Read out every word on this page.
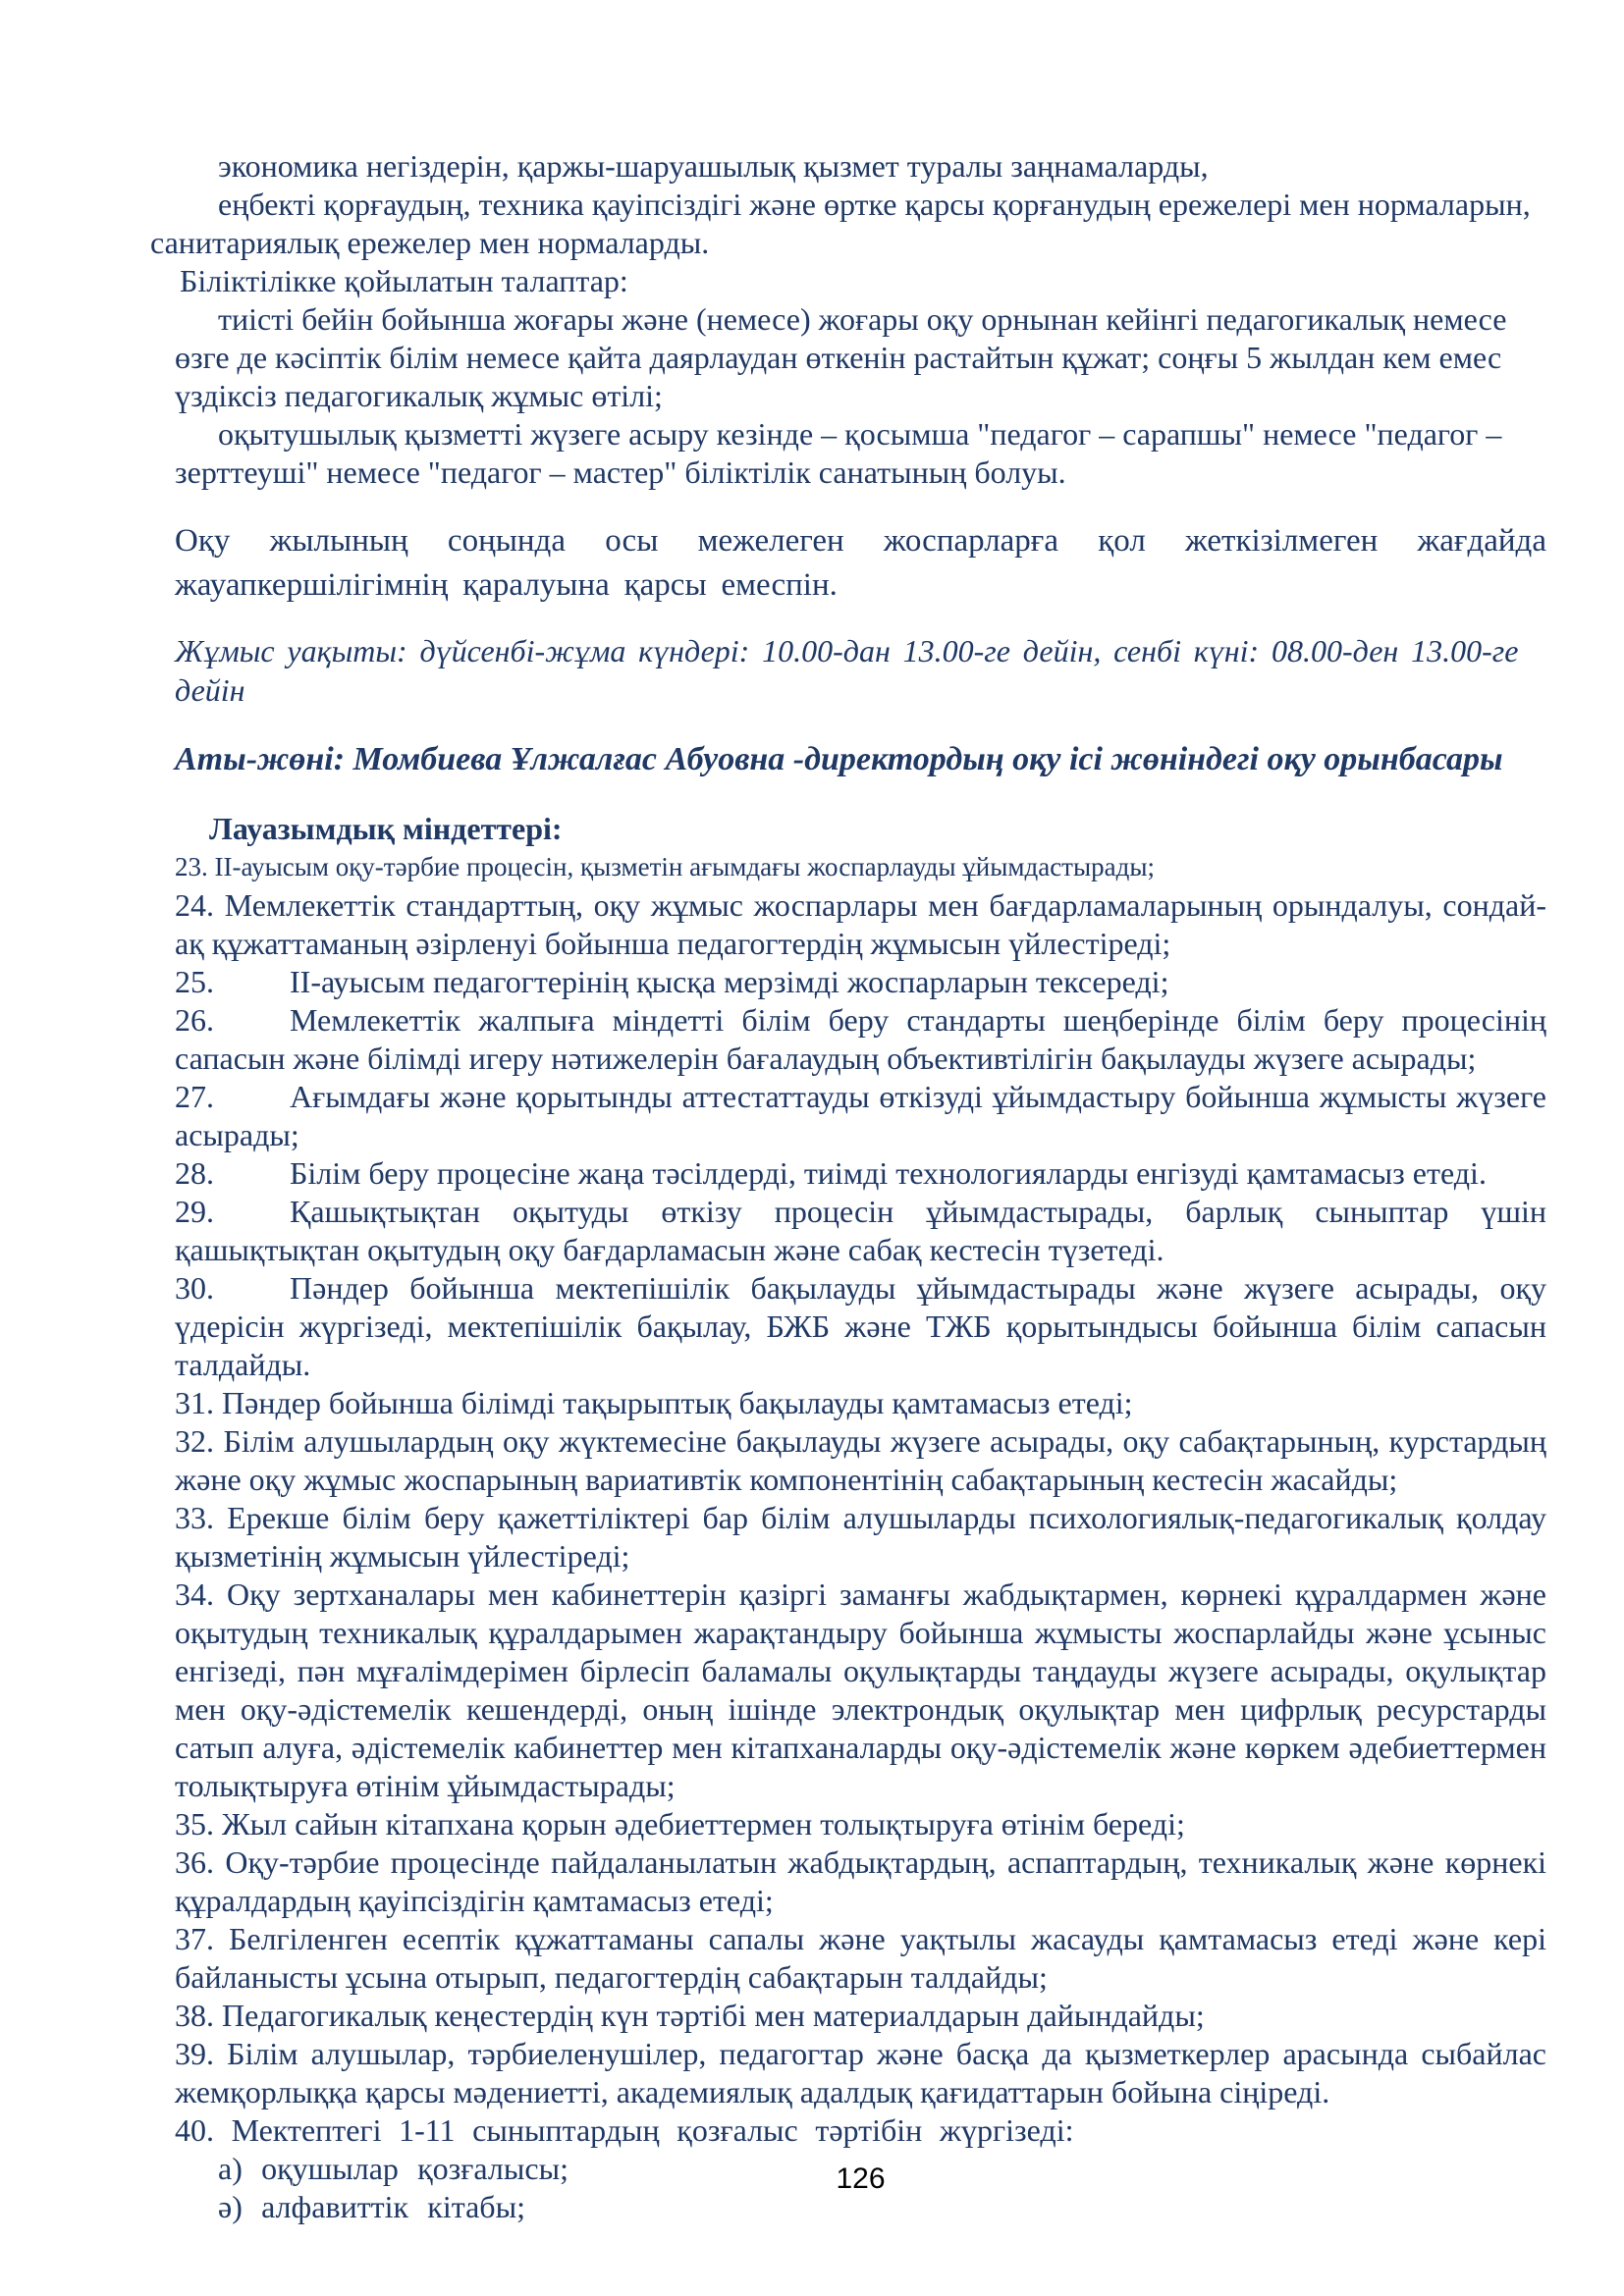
экономика негіздерін, қаржы-шаруашылық қызмет туралы заңнамаларды,

еңбекті қорғаудың, техника қауіпсіздігі және өртке қарсы қорғанудың ережелері мен нормаларын, санитариялық ережелер мен нормаларды.

Біліктілікке қойылатын талаптар:

тиісті бейін бойынша жоғары және (немесе) жоғары оқу орнынан кейінгі педагогикалық немесе өзге де кәсіптік білім немесе қайта даярлаудан өткенін растайтын құжат; соңғы 5 жылдан кем емес үздіксіз педагогикалық жұмыс өтілі;

оқытушылық қызметті жүзеге асыру кезінде – қосымша "педагог – сарапшы" немесе "педагог – зерттеуші" немесе "педагог – мастер" біліктілік санатының болуы.

Оқу жылының соңында осы межелеген жоспарларға қол жеткізілмеген жағдайда жауапкершілігімнің қаралуына қарсы емеспін.

Жұмыс уақыты: дүйсенбі-жұма күндері: 10.00-дан 13.00-ге дейін, сенбі күні: 08.00-ден 13.00-ге дейін

Аты-жөні: Момбиева Ұлжалғас Абуовна -директордың оқу ісі жөніндегі оқу орынбасары

Лауазымдық міндеттері:

23. II-ауысым оқу-тәрбие процесін, қызметін ағымдағы жоспарлауды ұйымдастырады;
24. Мемлекеттік стандарттың, оқу жұмыс жоспарлары мен бағдарламаларының орындалуы, сондай-ақ құжаттаманың әзірленуі бойынша педагогтердің жұмысын үйлестіреді;
25. II-ауысым педагогтерінің қысқа мерзімді жоспарларын тексереді;
26. Мемлекеттік жалпыға міндетті білім беру стандарты шеңберінде білім беру процесінің сапасын және білімді игеру нәтижелерін бағалаудың объективтілігін бақылауды жүзеге асырады;
27. Ағымдағы және қорытынды аттестаттауды өткізуді ұйымдастыру бойынша жұмысты жүзеге асырады;
28. Білім беру процесіне жаңа тәсілдерді, тиімді технологияларды енгізуді қамтамасыз етеді.
29. Қашықтықтан оқытуды өткізу процесін ұйымдастырады, барлық сыныптар үшін қашықтықтан оқытудың оқу бағдарламасын және сабақ кестесін түзетеді.
30. Пәндер бойынша мектепішілік бақылауды ұйымдастырады және жүзеге асырады, оқу үдерісін жүргізеді, мектепішілік бақылау, БЖБ және ТЖБ қорытындысы бойынша білім сапасын талдайды.
31. Пәндер бойынша білімді тақырыптық бақылауды қамтамасыз етеді;
32. Білім алушылардың оқу жүктемесіне бақылауды жүзеге асырады, оқу сабақтарының, курстардың және оқу жұмыс жоспарының вариативтік компонентінің сабақтарының кестесін жасайды;
33. Ерекше білім беру қажеттіліктері бар білім алушыларды психологиялық-педагогикалық қолдау қызметінің жұмысын үйлестіреді;
34. Оқу зертханалары мен кабинеттерін қазіргі заманғы жабдықтармен, көрнекі құралдармен және оқытудың техникалық құралдарымен жарақтандыру бойынша жұмысты жоспарлайды және ұсыныс енгізеді, пән мұғалімдерімен бірлесіп баламалы оқулықтарды таңдауды жүзеге асырады, оқулықтар мен оқу-әдістемелік кешендерді, оның ішінде электрондық оқулықтар мен цифрлық ресурстарды сатып алуға, әдістемелік кабинеттер мен кітапханаларды оқу-әдістемелік және көркем әдебиеттермен толықтыруға өтінім ұйымдастырады;
35. Жыл сайын кітапхана қорын әдебиеттермен толықтыруға өтінім береді;
36. Оқу-тәрбие процесінде пайдаланылатын жабдықтардың, аспаптардың, техникалық және көрнекі құралдардың қауіпсіздігін қамтамасыз етеді;
37. Белгіленген есептік құжаттаманы сапалы және уақтылы жасауды қамтамасыз етеді және кері байланысты ұсына отырып, педагогтердің сабақтарын талдайды;
38. Педагогикалық кеңестердің күн тәртібі мен материалдарын дайындайды;
39. Білім алушылар, тәрбиеленушілер, педагогтар және басқа да қызметкерлер арасында сыбайлас жемқорлыққа қарсы мәдениетті, академиялық адалдық қағидаттарын бойына сіңіреді.
40. Мектептегі 1-11 сыныптардың қозғалыс тәртібін жүргізеді:
а) оқушылар қозғалысы;
ә) алфавиттік кітабы;
126
